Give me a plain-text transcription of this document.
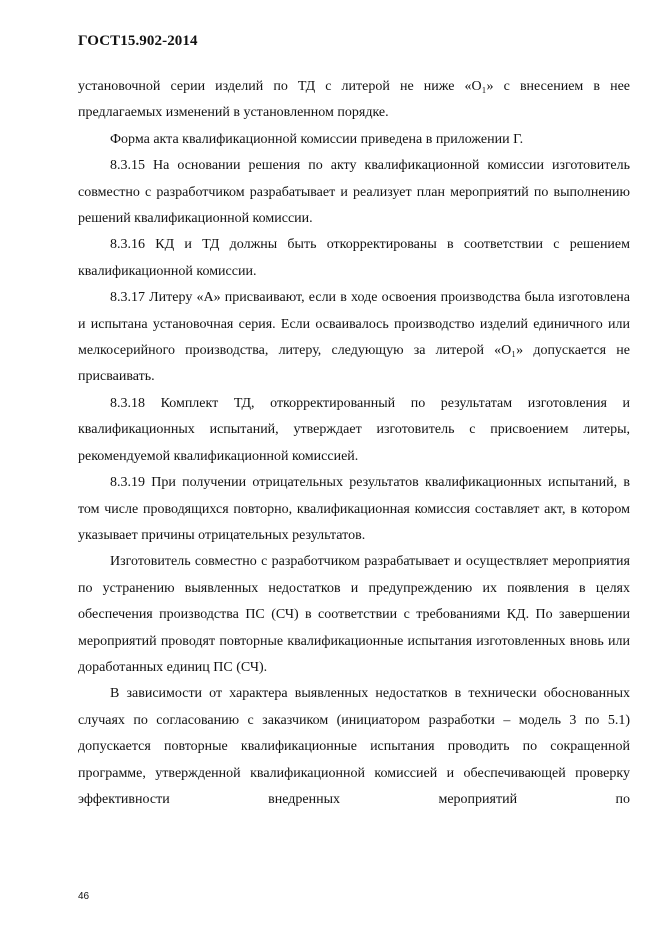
ГОСТ15.902-2014

установочной серии изделий по ТД с литерой не ниже «O₁» с внесением в нее предлагаемых изменений в установленном порядке.

Форма акта квалификационной комиссии приведена в приложении Г.

8.3.15 На основании решения по акту квалификационной комиссии изготовитель совместно с разработчиком разрабатывает и реализует план мероприятий по выполнению решений квалификационной комиссии.

8.3.16 КД и ТД должны быть откорректированы в соответствии с решением квалификационной комиссии.

8.3.17 Литеру «А» присваивают, если в ходе освоения производства была изготовлена и испытана установочная серия. Если осваивалось производство изделий единичного или мелкосерийного производства, литеру, следующую за литерой «O₁» допускается не присваивать.

8.3.18 Комплект ТД, откорректированный по результатам изготовления и квалификационных испытаний, утверждает изготовитель с присвоением литеры, рекомендуемой квалификационной комиссией.

8.3.19 При получении отрицательных результатов квалификационных испытаний, в том числе проводящихся повторно, квалификационная комиссия составляет акт, в котором указывает причины отрицательных результатов.

Изготовитель совместно с разработчиком разрабатывает и осуществляет мероприятия по устранению выявленных недостатков и предупреждению их появления в целях обеспечения производства ПС (СЧ) в соответствии с требованиями КД. По завершении мероприятий проводят повторные квалификационные испытания изготовленных вновь или доработанных единиц ПС (СЧ).

В зависимости от характера выявленных недостатков в технически обоснованных случаях по согласованию с заказчиком (инициатором разработки – модель 3 по 5.1) допускается повторные квалификационные испытания проводить по сокращенной программе, утвержденной квалификационной комиссией и обеспечивающей проверку эффективности внедренных мероприятий по

46
